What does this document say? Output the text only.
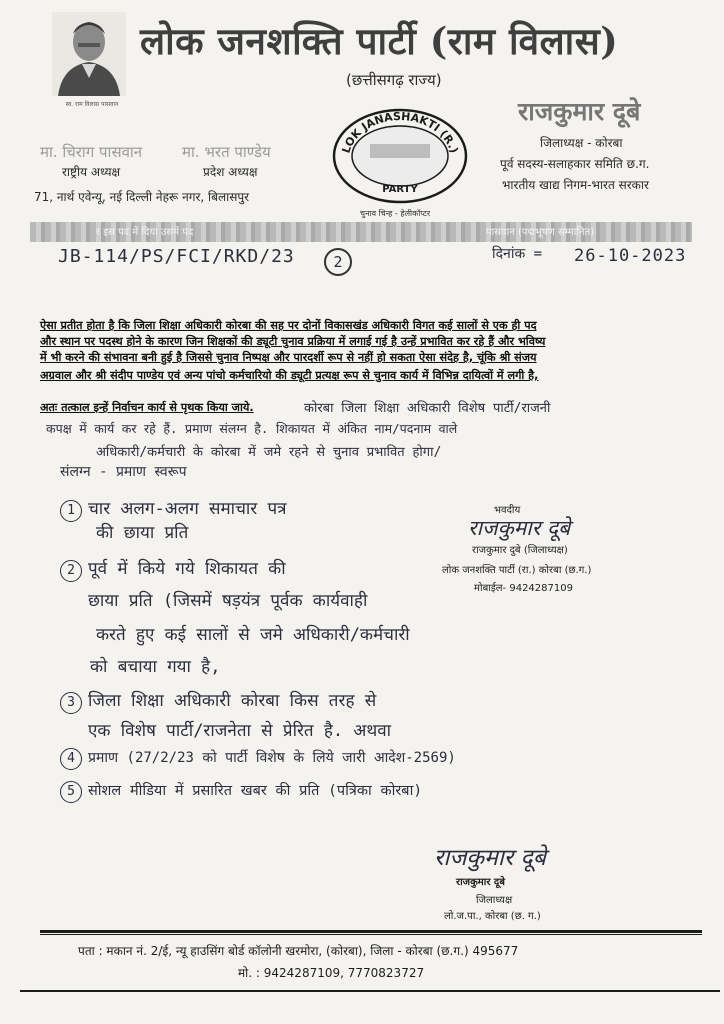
लोक जनशक्ति पार्टी (राम विलास)
(छत्तीसगढ़ राज्य)
स्व. राम विलास पासवान
मा. चिराग पासवान
राष्ट्रीय अध्यक्ष
मा. भरत पाण्डेय
प्रदेश अध्यक्ष
71, नार्थ एवेन्यू, नई दिल्ली नेहरू नगर, बिलासपुर
LOK JANASHAKTI (R.)
PARTY
चुनाव चिन्ह - हेलीकॉप्टर
राजकुमार दूबे
जिलाध्यक्ष - कोरबा
पूर्व सदस्य-सलाहकार समिति छ.ग.
भारतीय खाद्य निगम-भारत सरकार
र इस पद में दिया उसमें पद	पासवान (पद्मभूषण सम्मानित)
JB-114/PS/FCI/RKD/23	2	दिनांक = 26-10-2023
ऐसा प्रतीत होता है कि जिला शिक्षा अधिकारी कोरबा की सह पर दोनों विकासखंड अधिकारी विगत कई सालों से एक ही पद
और स्थान पर पदस्थ होने के कारण जिन शिक्षकों की ड्यूटी चुनाव प्रक्रिया में लगाई गई है उन्हें प्रभावित कर रहे हैं और भविष्य
में भी करने की संभावना बनी हुई है जिससे चुनाव निष्पक्ष और पारदर्शी रूप से नहीं हो सकता ऐसा संदेह है, चूंकि श्री संजय
अग्रवाल और श्री संदीप पाण्डेय एवं अन्य पांचो कर्मचारियो की ड्यूटी प्रत्यक्ष रूप से चुनाव कार्य में विभिन्न दायित्वों में लगी है,
अतः तत्काल इन्हें निर्वाचन कार्य से पृथक किया जाये.	कोरबा जिला शिक्षा अधिकारी विशेष पार्टी/राजनी
कपक्ष में कार्य कर रहे हैं. प्रमाण संलग्न है. शिकायत में अंकित नाम/पदनाम वाले
अधिकारी/कर्मचारी के कोरबा में जमे रहने से चुनाव प्रभावित होगा/
संलग्न - प्रमाण स्वरूप
1 चार अलग-अलग समाचार पत्र
की छाया प्रति
2 पूर्व में किये गये शिकायत की
छाया प्रति (जिसमें षड़यंत्र पूर्वक कार्यवाही
करते हुए कई सालों से जमे अधिकारी/कर्मचारी
को बचाया गया है,
3 जिला शिक्षा अधिकारी कोरबा किस तरह से
एक विशेष पार्टी/राजनेता से प्रेरित है. अथवा
4 प्रमाण (27/2/23 को पार्टी विशेष के लिये जारी आदेश-2569)
5 सोशल मीडिया में प्रसारित खबर की प्रति (पत्रिका कोरबा)
भवदीय
राजकुमार दूबे
राजकुमार दुबे (जिलाध्यक्ष)
लोक जनशक्ति पार्टी (रा.) कोरबा (छ.ग.)
मोबाईल- 9424287109
राजकुमार दूबे
राजकुमार दूबे
जिलाध्यक्ष
लो.ज.पा., कोरबा (छ. ग.)
पता : मकान नं. 2/ई, न्यू हाउसिंग बोर्ड कॉलोनी खरमोरा, (कोरबा), जिला - कोरबा (छ.ग.) 495677
मो. : 9424287109, 7770823727
